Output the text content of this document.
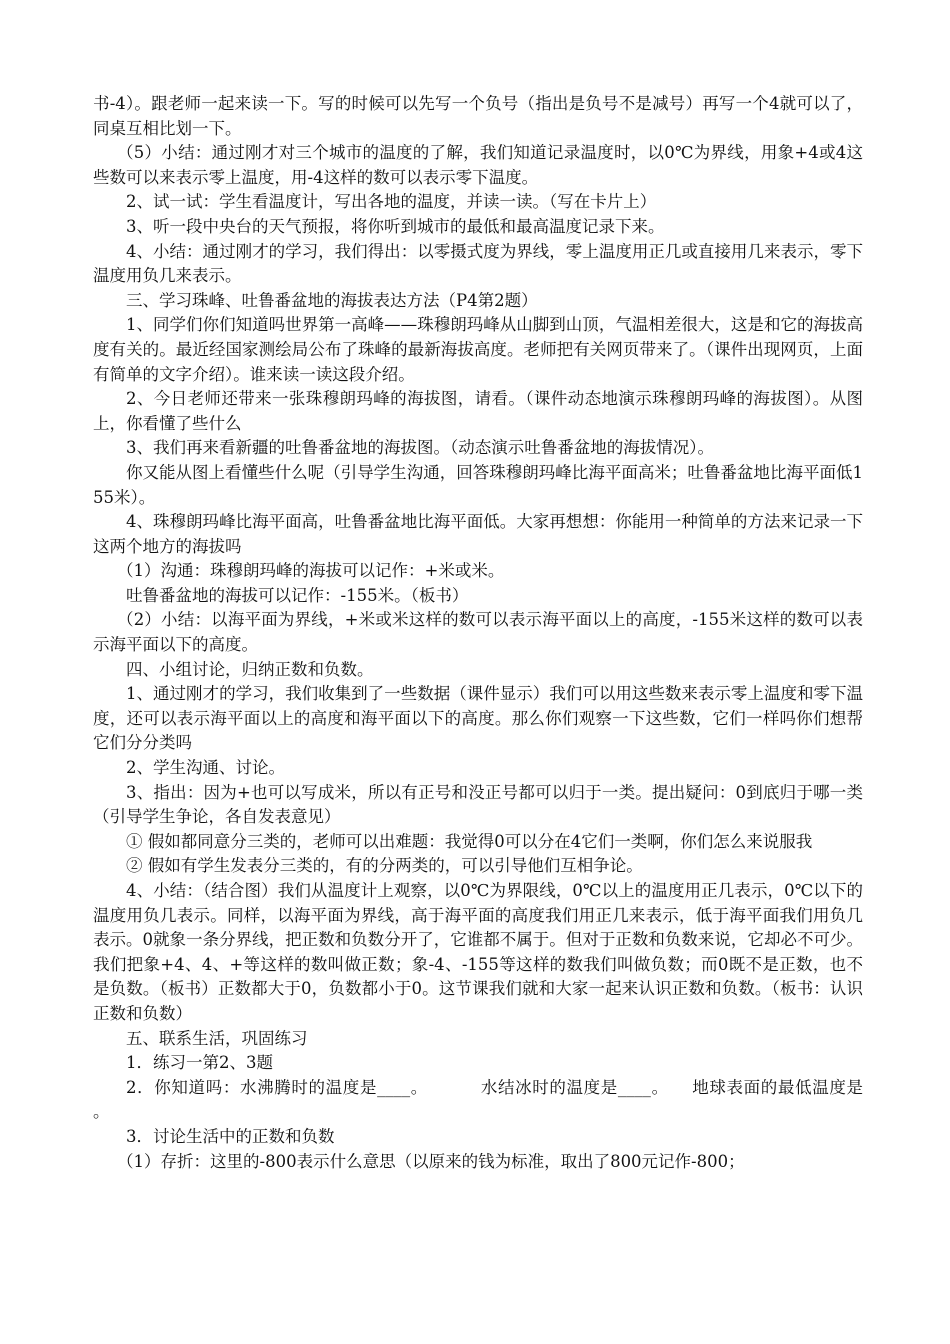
书-4）。跟老师一起来读一下。写的时候可以先写一个负号（指出是负号不是减号）再写一个4就可以了，同桌互相比划一下。

（5）小结：通过刚才对三个城市的温度的了解，我们知道记录温度时，以0℃为界线，用象+4或4这些数可以来表示零上温度，用-4这样的数可以表示零下温度。

2、试一试：学生看温度计，写出各地的温度，并读一读。（写在卡片上）

3、听一段中央台的天气预报，将你听到城市的最低和最高温度记录下来。

4、小结：通过刚才的学习，我们得出：以零摄式度为界线，零上温度用正几或直接用几来表示，零下温度用负几来表示。

三、学习珠峰、吐鲁番盆地的海拔表达方法（P4第2题）

1、同学们你们知道吗世界第一高峰——珠穆朗玛峰从山脚到山顶，气温相差很大，这是和它的海拔高度有关的。最近经国家测绘局公布了珠峰的最新海拔高度。老师把有关网页带来了。（课件出现网页，上面有简单的文字介绍）。谁来读一读这段介绍。

2、今日老师还带来一张珠穆朗玛峰的海拔图，请看。（课件动态地演示珠穆朗玛峰的海拔图）。从图上，你看懂了些什么

3、我们再来看新疆的吐鲁番盆地的海拔图。（动态演示吐鲁番盆地的海拔情况）。

你又能从图上看懂些什么呢（引导学生沟通，回答珠穆朗玛峰比海平面高米；吐鲁番盆地比海平面低155米）。

4、珠穆朗玛峰比海平面高，吐鲁番盆地比海平面低。大家再想想：你能用一种简单的方法来记录一下这两个地方的海拔吗

（1）沟通：珠穆朗玛峰的海拔可以记作：+米或米。

吐鲁番盆地的海拔可以记作：-155米。（板书）

（2）小结：以海平面为界线，+米或米这样的数可以表示海平面以上的高度，-155米这样的数可以表示海平面以下的高度。

四、小组讨论，归纳正数和负数。

1、通过刚才的学习，我们收集到了一些数据（课件显示）我们可以用这些数来表示零上温度和零下温度，还可以表示海平面以上的高度和海平面以下的高度。那么你们观察一下这些数，它们一样吗你们想帮它们分分类吗

2、学生沟通、讨论。

3、指出：因为+也可以写成米，所以有正号和没正号都可以归于一类。提出疑问：0到底归于哪一类（引导学生争论，各自发表意见）

① 假如都同意分三类的，老师可以出难题：我觉得0可以分在4它们一类啊，你们怎么来说服我

② 假如有学生发表分三类的，有的分两类的，可以引导他们互相争论。

4、小结：（结合图）我们从温度计上观察，以0℃为界限线，0℃以上的温度用正几表示，0℃以下的温度用负几表示。同样，以海平面为界线，高于海平面的高度我们用正几来表示，低于海平面我们用负几表示。0就象一条分界线，把正数和负数分开了，它谁都不属于。但对于正数和负数来说，它却必不可少。我们把象+4、4、+等这样的数叫做正数；象-4、-155等这样的数我们叫做负数；而0既不是正数，也不是负数。（板书）正数都大于0，负数都小于0。这节课我们就和大家一起来认识正数和负数。（板书：认识正数和负数）

五、联系生活，巩固练习

1．练习一第2、3题

2．你知道吗：水沸腾时的温度是____。         水结冰时的温度是____。    地球表面的最低温度是          。

3．讨论生活中的正数和负数

（1）存折：这里的-800表示什么意思（以原来的钱为标准，取出了800元记作-800；
